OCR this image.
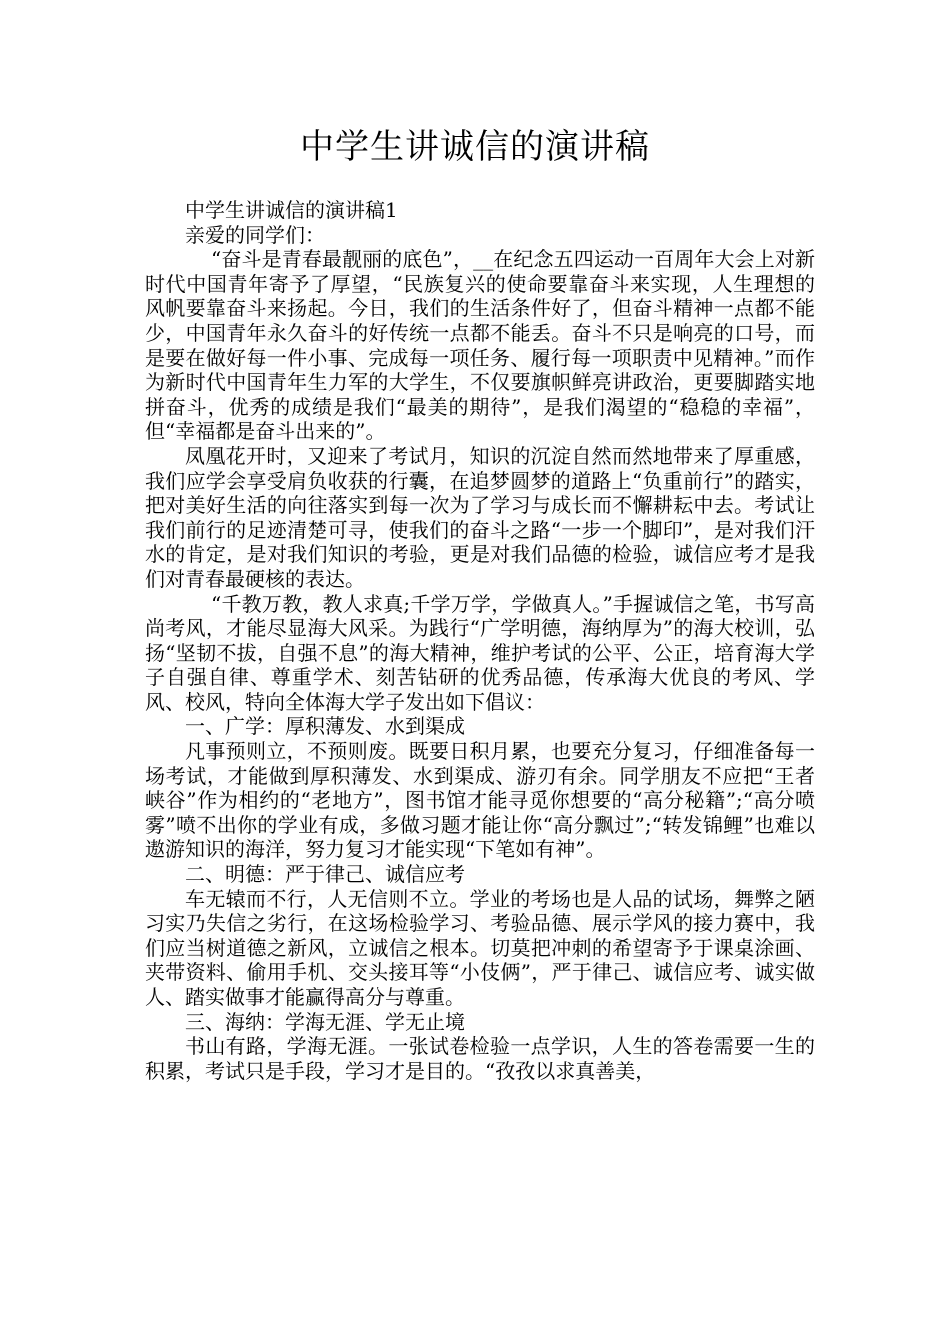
中学生讲诚信的演讲稿

中学生讲诚信的演讲稿1

亲爱的同学们：

“奋斗是青春最靓丽的底色”，__在纪念五四运动一百周年大会上对新时代中国青年寄予了厚望，“民族复兴的使命要靠奋斗来实现，人生理想的风帆要靠奋斗来扬起。今日，我们的生活条件好了，但奋斗精神一点都不能少，中国青年永久奋斗的好传统一点都不能丢。奋斗不只是响亮的口号，而是要在做好每一件小事、完成每一项任务、履行每一项职责中见精神。”而作为新时代中国青年生力军的大学生，不仅要旗帜鲜亮讲政治，更要脚踏实地拼奋斗，优秀的成绩是我们“最美的期待”，是我们渴望的“稳稳的幸福”，但“幸福都是奋斗出来的”。

凤凰花开时，又迎来了考试月，知识的沉淀自然而然地带来了厚重感，我们应学会享受肩负收获的行囊，在追梦圆梦的道路上“负重前行”的踏实，把对美好生活的向往落实到每一次为了学习与成长而不懈耕耘中去。考试让我们前行的足迹清楚可寻，使我们的奋斗之路“一步一个脚印”，是对我们汗水的肯定，是对我们知识的考验，更是对我们品德的检验，诚信应考才是我们对青春最硬核的表达。

“千教万教，教人求真;千学万学，学做真人。”手握诚信之笔，书写高尚考风，才能尽显海大风采。为践行“广学明德，海纳厚为”的海大校训，弘扬“坚韧不拔，自强不息”的海大精神，维护考试的公平、公正，培育海大学子自强自律、尊重学术、刻苦钻研的优秀品德，传承海大优良的考风、学风、校风，特向全体海大学子发出如下倡议：

一、广学：厚积薄发、水到渠成

凡事预则立，不预则废。既要日积月累，也要充分复习，仔细准备每一场考试，才能做到厚积薄发、水到渠成、游刃有余。同学朋友不应把“王者峡谷”作为相约的“老地方”，图书馆才能寻觅你想要的“高分秘籍”;“高分喷雾”喷不出你的学业有成，多做习题才能让你“高分飘过”;“转发锦鲤”也难以遨游知识的海洋，努力复习才能实现“下笔如有神”。

二、明德：严于律己、诚信应考

车无辕而不行，人无信则不立。学业的考场也是人品的试场，舞弊之陋习实乃失信之劣行，在这场检验学习、考验品德、展示学风的接力赛中，我们应当树道德之新风，立诚信之根本。切莫把冲刺的希望寄予于课桌涂画、夹带资料、偷用手机、交头接耳等“小伎俩”，严于律己、诚信应考、诚实做人、踏实做事才能赢得高分与尊重。

三、海纳：学海无涯、学无止境

书山有路，学海无涯。一张试卷检验一点学识，人生的答卷需要一生的积累，考试只是手段，学习才是目的。“孜孜以求真善美，
